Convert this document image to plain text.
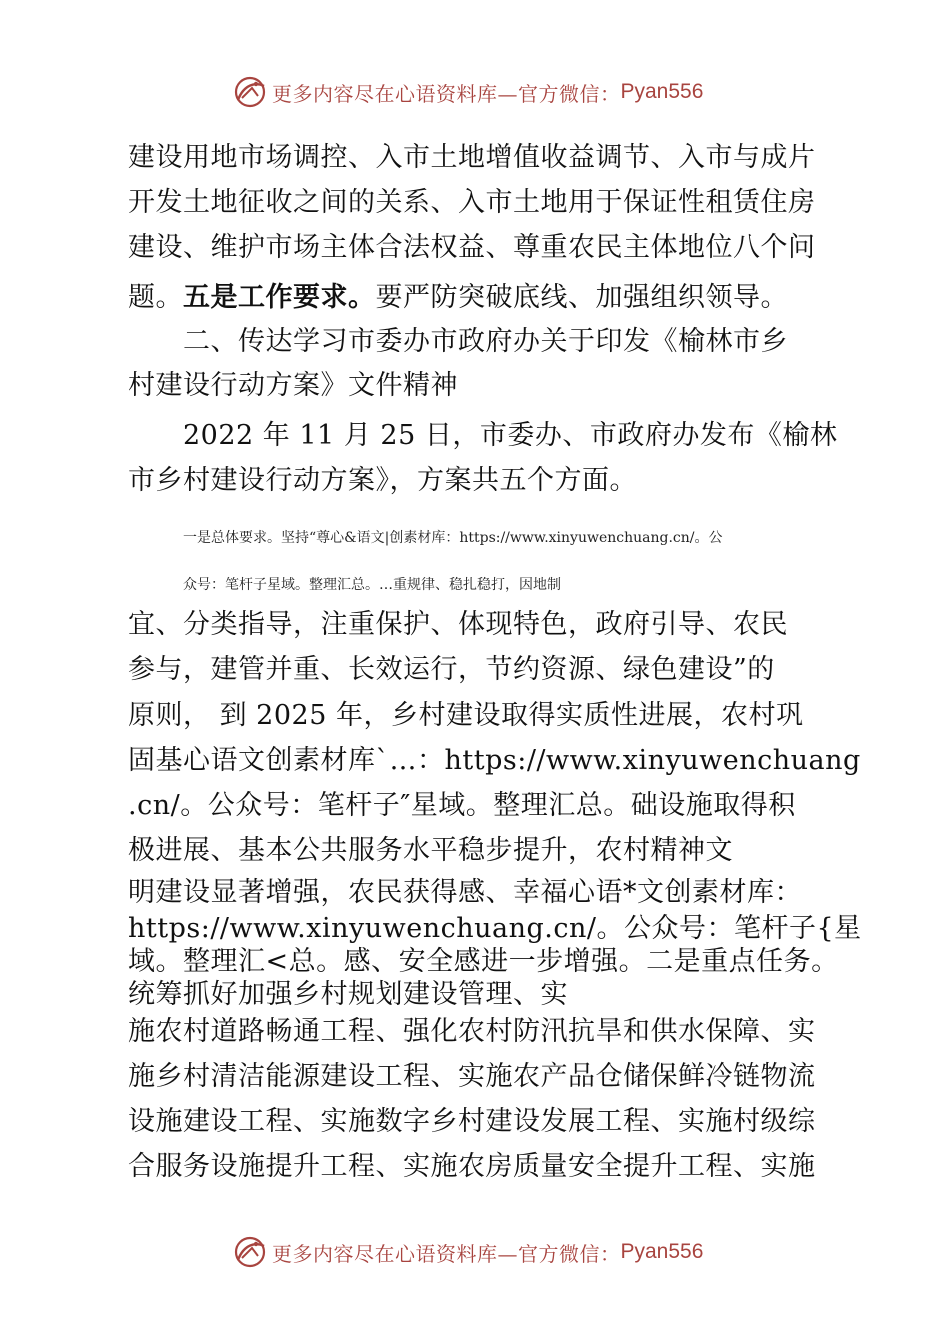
更多内容尽在心语资料库—官方微信： Pyan556
建设用地市场调控、入市土地增值收益调节、入市与成片
开发土地征收之间的关系、入市土地用于保证性租赁住房
建设、维护市场主体合法权益、尊重农民主体地位八个问
题。五是工作要求。要严防突破底线、加强组织领导。
二、传达学习市委办市政府办关于印发《榆林市乡
村建设行动方案》文件精神
2022 年 11 月 25 日，市委办、市政府办发布《榆林
市乡村建设行动方案》，方案共五个方面。
一是总体要求。坚持“尊心&语文|创素材库：https://www.xinyuwenchuang.cn/。公
众号：笔杆子星域。整理汇总。…重规律、稳扎稳打，因地制
宜、分类指导，注重保护、体现特色，政府引导、农民
参与，建管并重、长效运行，节约资源、绿色建设”的
原则， 到 2025 年，乡村建设取得实质性进展，农村巩
固基心语文创素材库`…：https://www.xinyuwenchuang
.cn/。公众号：笔杆子″星域。整理汇总。础设施取得积
极进展、基本公共服务水平稳步提升，农村精神文
明建设显著增强，农民获得感、幸福心语*文创素材库：
https://www.xinyuwenchuang.cn/。公众号：笔杆子{星
域。整理汇<总。感、安全感进一步增强。二是重点任务。
统筹抓好加强乡村规划建设管理、实
施农村道路畅通工程、强化农村防汛抗旱和供水保障、实
施乡村清洁能源建设工程、实施农产品仓储保鲜冷链物流
设施建设工程、实施数字乡村建设发展工程、实施村级综
合服务设施提升工程、实施农房质量安全提升工程、实施
更多内容尽在心语资料库—官方微信： Pyan556
